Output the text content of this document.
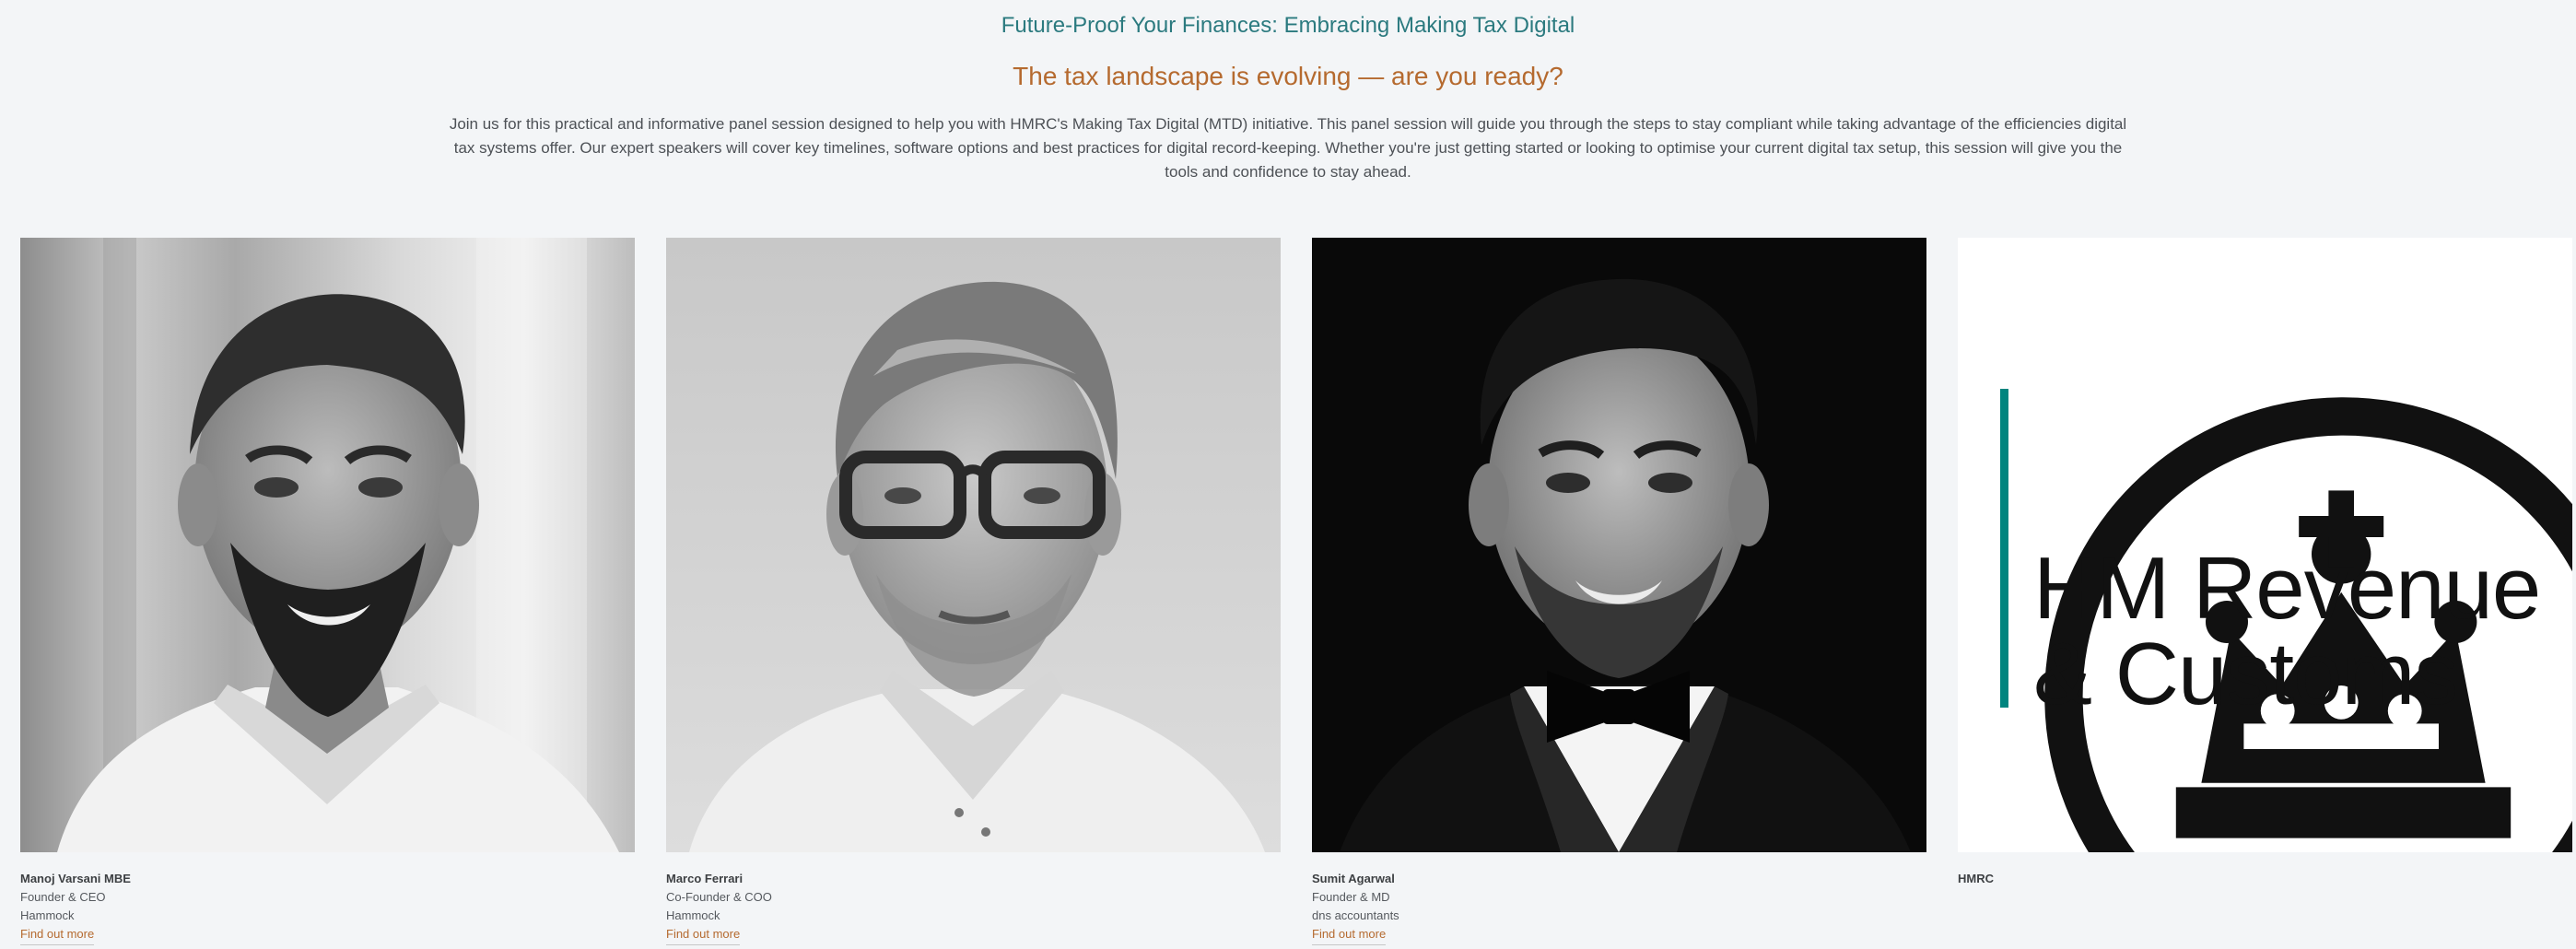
Future-Proof Your Finances: Embracing Making Tax Digital
The tax landscape is evolving — are you ready?
Join us for this practical and informative panel session designed to help you with HMRC's Making Tax Digital (MTD) initiative. This panel session will guide you through the steps to stay compliant while taking advantage of the efficiencies digital tax systems offer. Our expert speakers will cover key timelines, software options and best practices for digital record-keeping. Whether you're just getting started or looking to optimise your current digital tax setup, this session will give you the tools and confidence to stay ahead.
Manoj Varsani MBE
Founder & CEO
Hammock
Find out more
Marco Ferrari
Co-Founder & COO
Hammock
Find out more
Sumit Agarwal
Founder & MD
dns accountants
Find out more
HM Revenue
& Customs
HMRC
